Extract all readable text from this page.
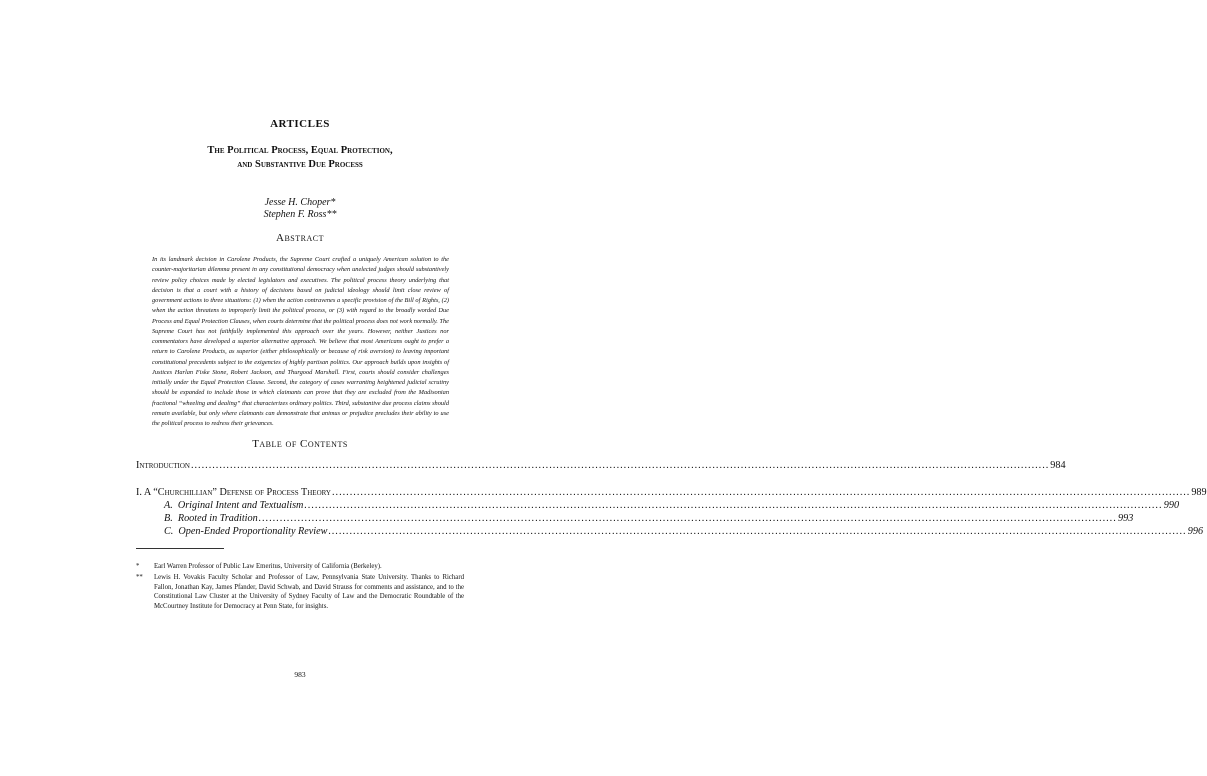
ARTICLES
The Political Process, Equal Protection,
and Substantive Due Process
Jesse H. Choper*
Stephen F. Ross**
Abstract
In its landmark decision in Carolene Products, the Supreme Court crafted a uniquely American solution to the counter-majoritarian dilemma present in any constitutional democracy when unelected judges should substantively review policy choices made by elected legislators and executives. The political process theory underlying that decision is that a court with a history of decisions based on judicial ideology should limit close review of government actions to three situations: (1) when the action contravenes a specific provision of the Bill of Rights, (2) when the action threatens to improperly limit the political process, or (3) with regard to the broadly worded Due Process and Equal Protection Clauses, when courts determine that the political process does not work normally. The Supreme Court has not faithfully implemented this approach over the years. However, neither Justices nor commentators have developed a superior alternative approach. We believe that most Americans ought to prefer a return to Carolene Products, as superior (either philosophically or because of risk aversion) to leaving important constitutional precedents subject to the exigencies of highly partisan politics. Our approach builds upon insights of Justices Harlan Fiske Stone, Robert Jackson, and Thurgood Marshall. First, courts should consider challenges initially under the Equal Protection Clause. Second, the category of cases warranting heightened judicial scrutiny should be expanded to include those in which claimants can prove that they are excluded from the Madisonian fractional “wheeling and dealing” that characterizes ordinary politics. Third, substantive due process claims should remain available, but only where claimants can demonstrate that animus or prejudice precludes their ability to use the political process to redress their grievances.
Table of Contents
Introduction .................................................................................................................................................................................................................................................. 984
I. A “Churchillian” Defense of Process Theory .................................................................................................................................................................................................................................................. 989
A.  Original Intent and Textualism .................................................................................................................................................................................................................................................. 990
B.  Rooted in Tradition .................................................................................................................................................................................................................................................. 993
C.  Open-Ended Proportionality Review .................................................................................................................................................................................................................................................. 996
* Earl Warren Professor of Public Law Emeritus, University of California (Berkeley).
** Lewis H. Vovakis Faculty Scholar and Professor of Law, Pennsylvania State University. Thanks to Richard Fallon, Jonathan Kay, James Pfander, David Schwab, and David Strauss for comments and assistance, and to the Constitutional Law Cluster at the University of Sydney Faculty of Law and the Democratic Roundtable of the McCourtney Institute for Democracy at Penn State, for insights.
983
